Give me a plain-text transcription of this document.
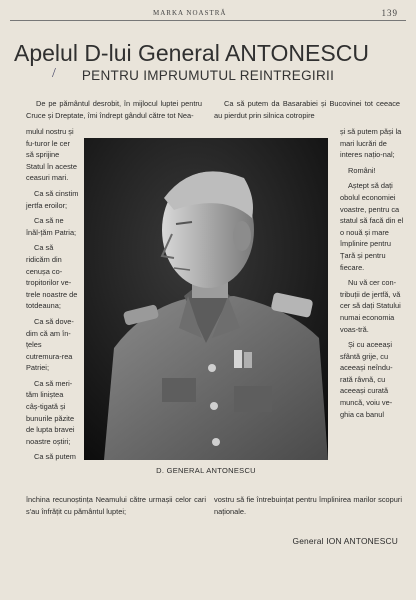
MARKA NOASTRĂ	139
Apelul D-lui General ANTONESCU
/	PENTRU IMPRUMUTUL REINTREGIRII
De pe pământul desrobit, în mijlocul luptei pentru Cruce și Dreptate, îmi îndrept gândul către tot Nea-
Ca să putem da Basarabiei și Bucovinei tot ceeace au pierdut prin silnica cotropire

mulul nostru și fu-turor le cer să sprijine Statul în aceste ceasuri mari.

Ca să cinstim jertfa eroilor;

Ca să ne înăl-țăm Patria;

Ca să ridicăm din cenușa co-tropitorilor ve-trele noastre de totdeauna;

Ca să dove-dim că am în-țeles cutremura-rea Patriei;

Ca să meri-tăm liniștea câș-tigată și bunurile păzite de lupta bravei noastre oștiri;

Ca să putem

D. GENERAL ANTONESCU

și să putem păși la mari lucrări de interes națio-nal;

Români!

Aștept să dați obolul economiei voastre, pentru ca statul să facă din el o nouă și mare împlinire pentru Țară și pentru fiecare.

Nu vă cer con-tribuții de jertfă, vă cer să dați Statului numai economia voas-tră.

Și cu aceeași sfântă grije, cu aceeași neîndu-rată râvnă, cu aceeași curată muncă, voiu ve-ghia ca banul

închina recunoștința Neamului către urmașii celor cari s'au înfrățit cu pământul luptei;
vostru să fie întrebuințat pentru împlinirea marilor scopuri naționale.
General ION ANTONESCU
